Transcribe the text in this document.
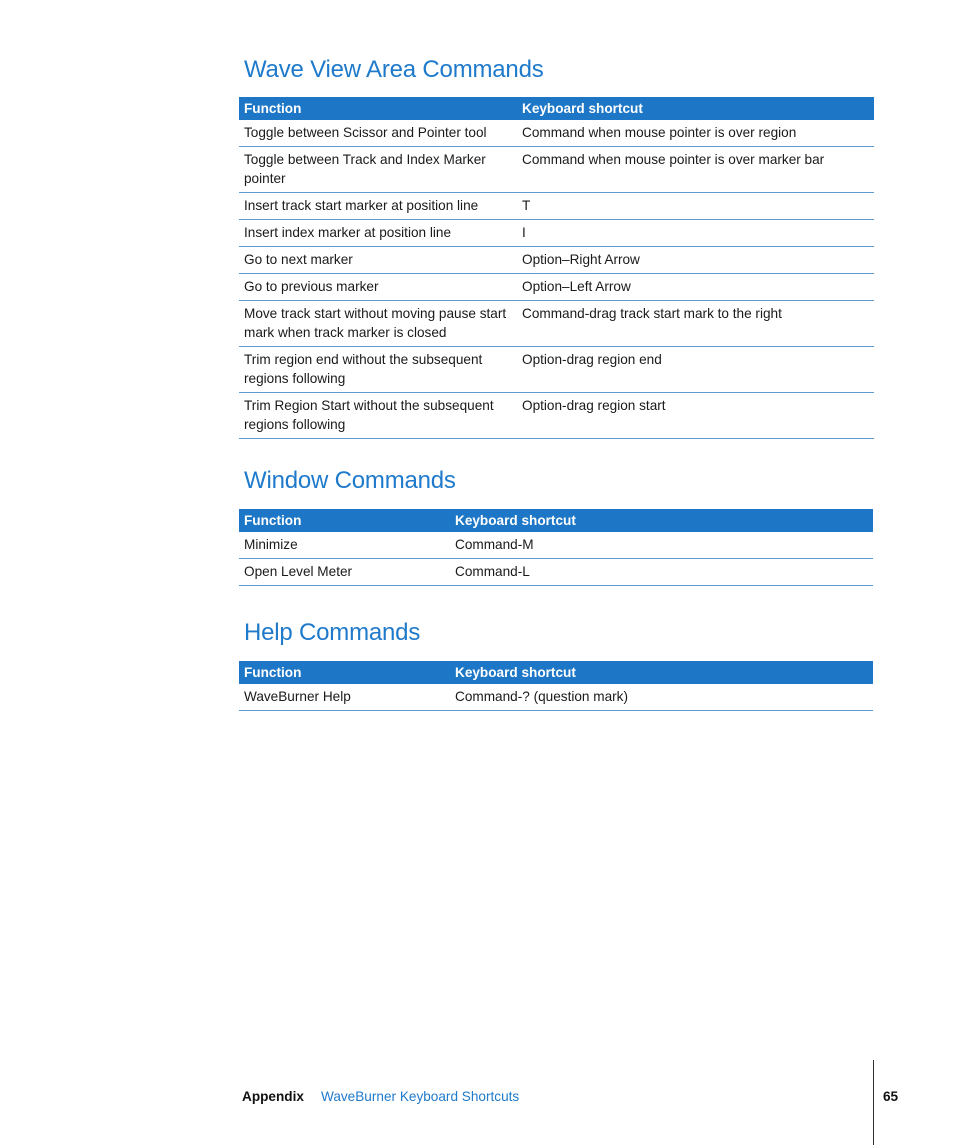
Wave View Area Commands
Function	Keyboard shortcut
Toggle between Scissor and Pointer tool	Command when mouse pointer is over region
Toggle between Track and Index Marker pointer	Command when mouse pointer is over marker bar
Insert track start marker at position line	T
Insert index marker at position line	I
Go to next marker	Option–Right Arrow
Go to previous marker	Option–Left Arrow
Move track start without moving pause start mark when track marker is closed	Command-drag track start mark to the right
Trim region end without the subsequent regions following	Option-drag region end
Trim Region Start without the subsequent regions following	Option-drag region start
Window Commands
Function	Keyboard shortcut
Minimize	Command-M
Open Level Meter	Command-L
Help Commands
Function	Keyboard shortcut
WaveBurner Help	Command-? (question mark)
Appendix WaveBurner Keyboard Shortcuts	65
